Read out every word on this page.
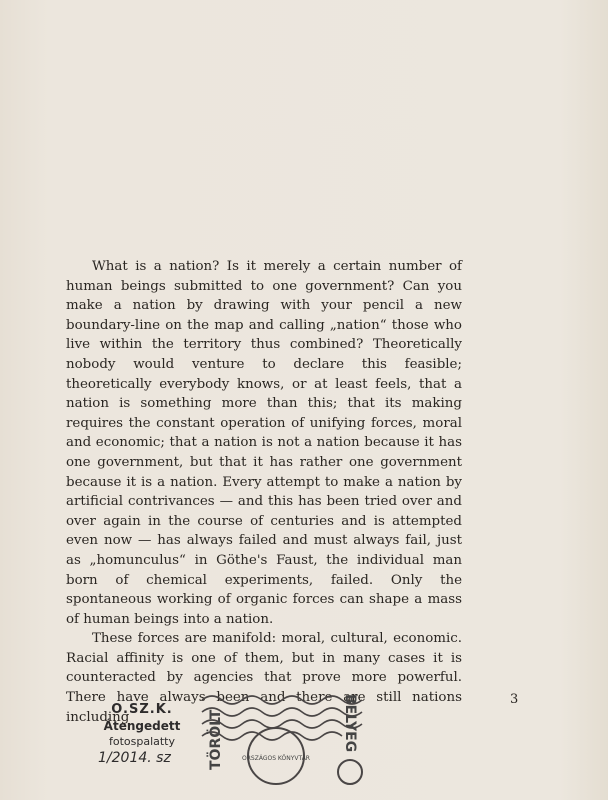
What is a nation? Is it merely a certain number of human beings submitted to one government? Can you make a nation by drawing with your pencil a new boundary-line on the map and calling „nation“ those who live within the territory thus combined? Theoretically nobody would venture to declare this feasible; theoretically everybody knows, or at least feels, that a nation is something more than this; that its making requires the constant operation of unifying forces, moral and economic; that a nation is not a nation because it has one government, but that it has rather one government because it is a nation. Every attempt to make a nation by artificial contrivances — and this has been tried over and over again in the course of centuries and is attempted even now — has always failed and must always fail, just as „homunculus“ in Göthe's Faust, the individual man born of chemical experiments, failed. Only the spontaneous working of organic forces can shape a mass of human beings into a nation.

These forces are manifold: moral, cultural, economic. Racial affinity is one of them, but in many cases it is counteracted by agencies that prove more powerful. There have always been and there are still nations including

3
O.SZ.K.
Átengedett
fotospalatty
1/2014. sz	TÖRÖLT	BELYEG
ORSZÁGOS KÖNYVTÁR
